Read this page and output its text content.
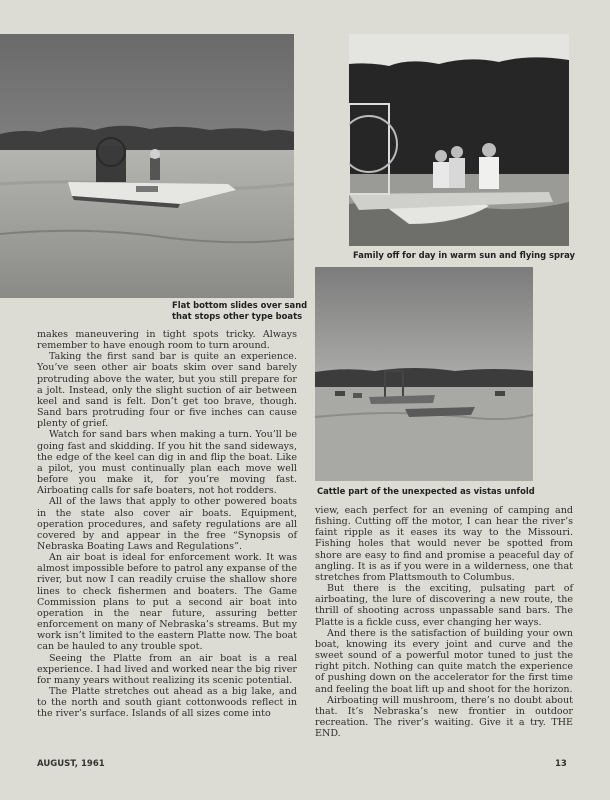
Flat bottom slides over sand
that stops other type boats
Family off for day in warm sun and flying spray
Cattle part of the unexpected as vistas unfold

makes maneuvering in tight spots tricky. Always remember to have enough room to turn around.

Taking the first sand bar is quite an experience. You’ve seen other air boats skim over sand barely protruding above the water, but you still prepare for a jolt. Instead, only the slight suction of air between keel and sand is felt. Don’t get too brave, though. Sand bars protruding four or five inches can cause plenty of grief.

Watch for sand bars when making a turn. You’ll be going fast and skidding. If you hit the sand sideways, the edge of the keel can dig in and flip the boat. Like a pilot, you must continually plan each move well before you make it, for you’re moving fast. Airboating calls for safe boaters, not hot rodders.

All of the laws that apply to other powered boats in the state also cover air boats. Equipment, operation procedures, and safety regulations are all covered by and appear in the free “Synopsis of Nebraska Boating Laws and Regulations”.

An air boat is ideal for enforcement work. It was almost impossible before to patrol any expanse of the river, but now I can readily cruise the shallow shore lines to check fishermen and boaters. The Game Commission plans to put a second air boat into operation in the near future, assuring better enforcement on many of Nebraska’s streams. But my work isn’t limited to the eastern Platte now. The boat can be hauled to any trouble spot.

Seeing the Platte from an air boat is a real experience. I had lived and worked near the big river for many years without realizing its scenic potential.

The Platte stretches out ahead as a big lake, and to the north and south giant cottonwoods reflect in the river’s surface. Islands of all sizes come into

view, each perfect for an evening of camping and fishing. Cutting off the motor, I can hear the river’s faint ripple as it eases its way to the Missouri. Fishing holes that would never be spotted from shore are easy to find and promise a peaceful day of angling. It is as if you were in a wilderness, one that stretches from Plattsmouth to Columbus.

But there is the exciting, pulsating part of airboating, the lure of discovering a new route, the thrill of shooting across unpassable sand bars. The Platte is a fickle cuss, ever changing her ways.

And there is the satisfaction of building your own boat, knowing its every joint and curve and the sweet sound of a powerful motor tuned to just the right pitch. Nothing can quite match the experience of pushing down on the accelerator for the first time and feeling the boat lift up and shoot for the horizon.

Airboating will mushroom, there’s no doubt about that. It’s Nebraska’s new frontier in outdoor recreation. The river’s waiting. Give it a try. THE END.

AUGUST, 1961	13
